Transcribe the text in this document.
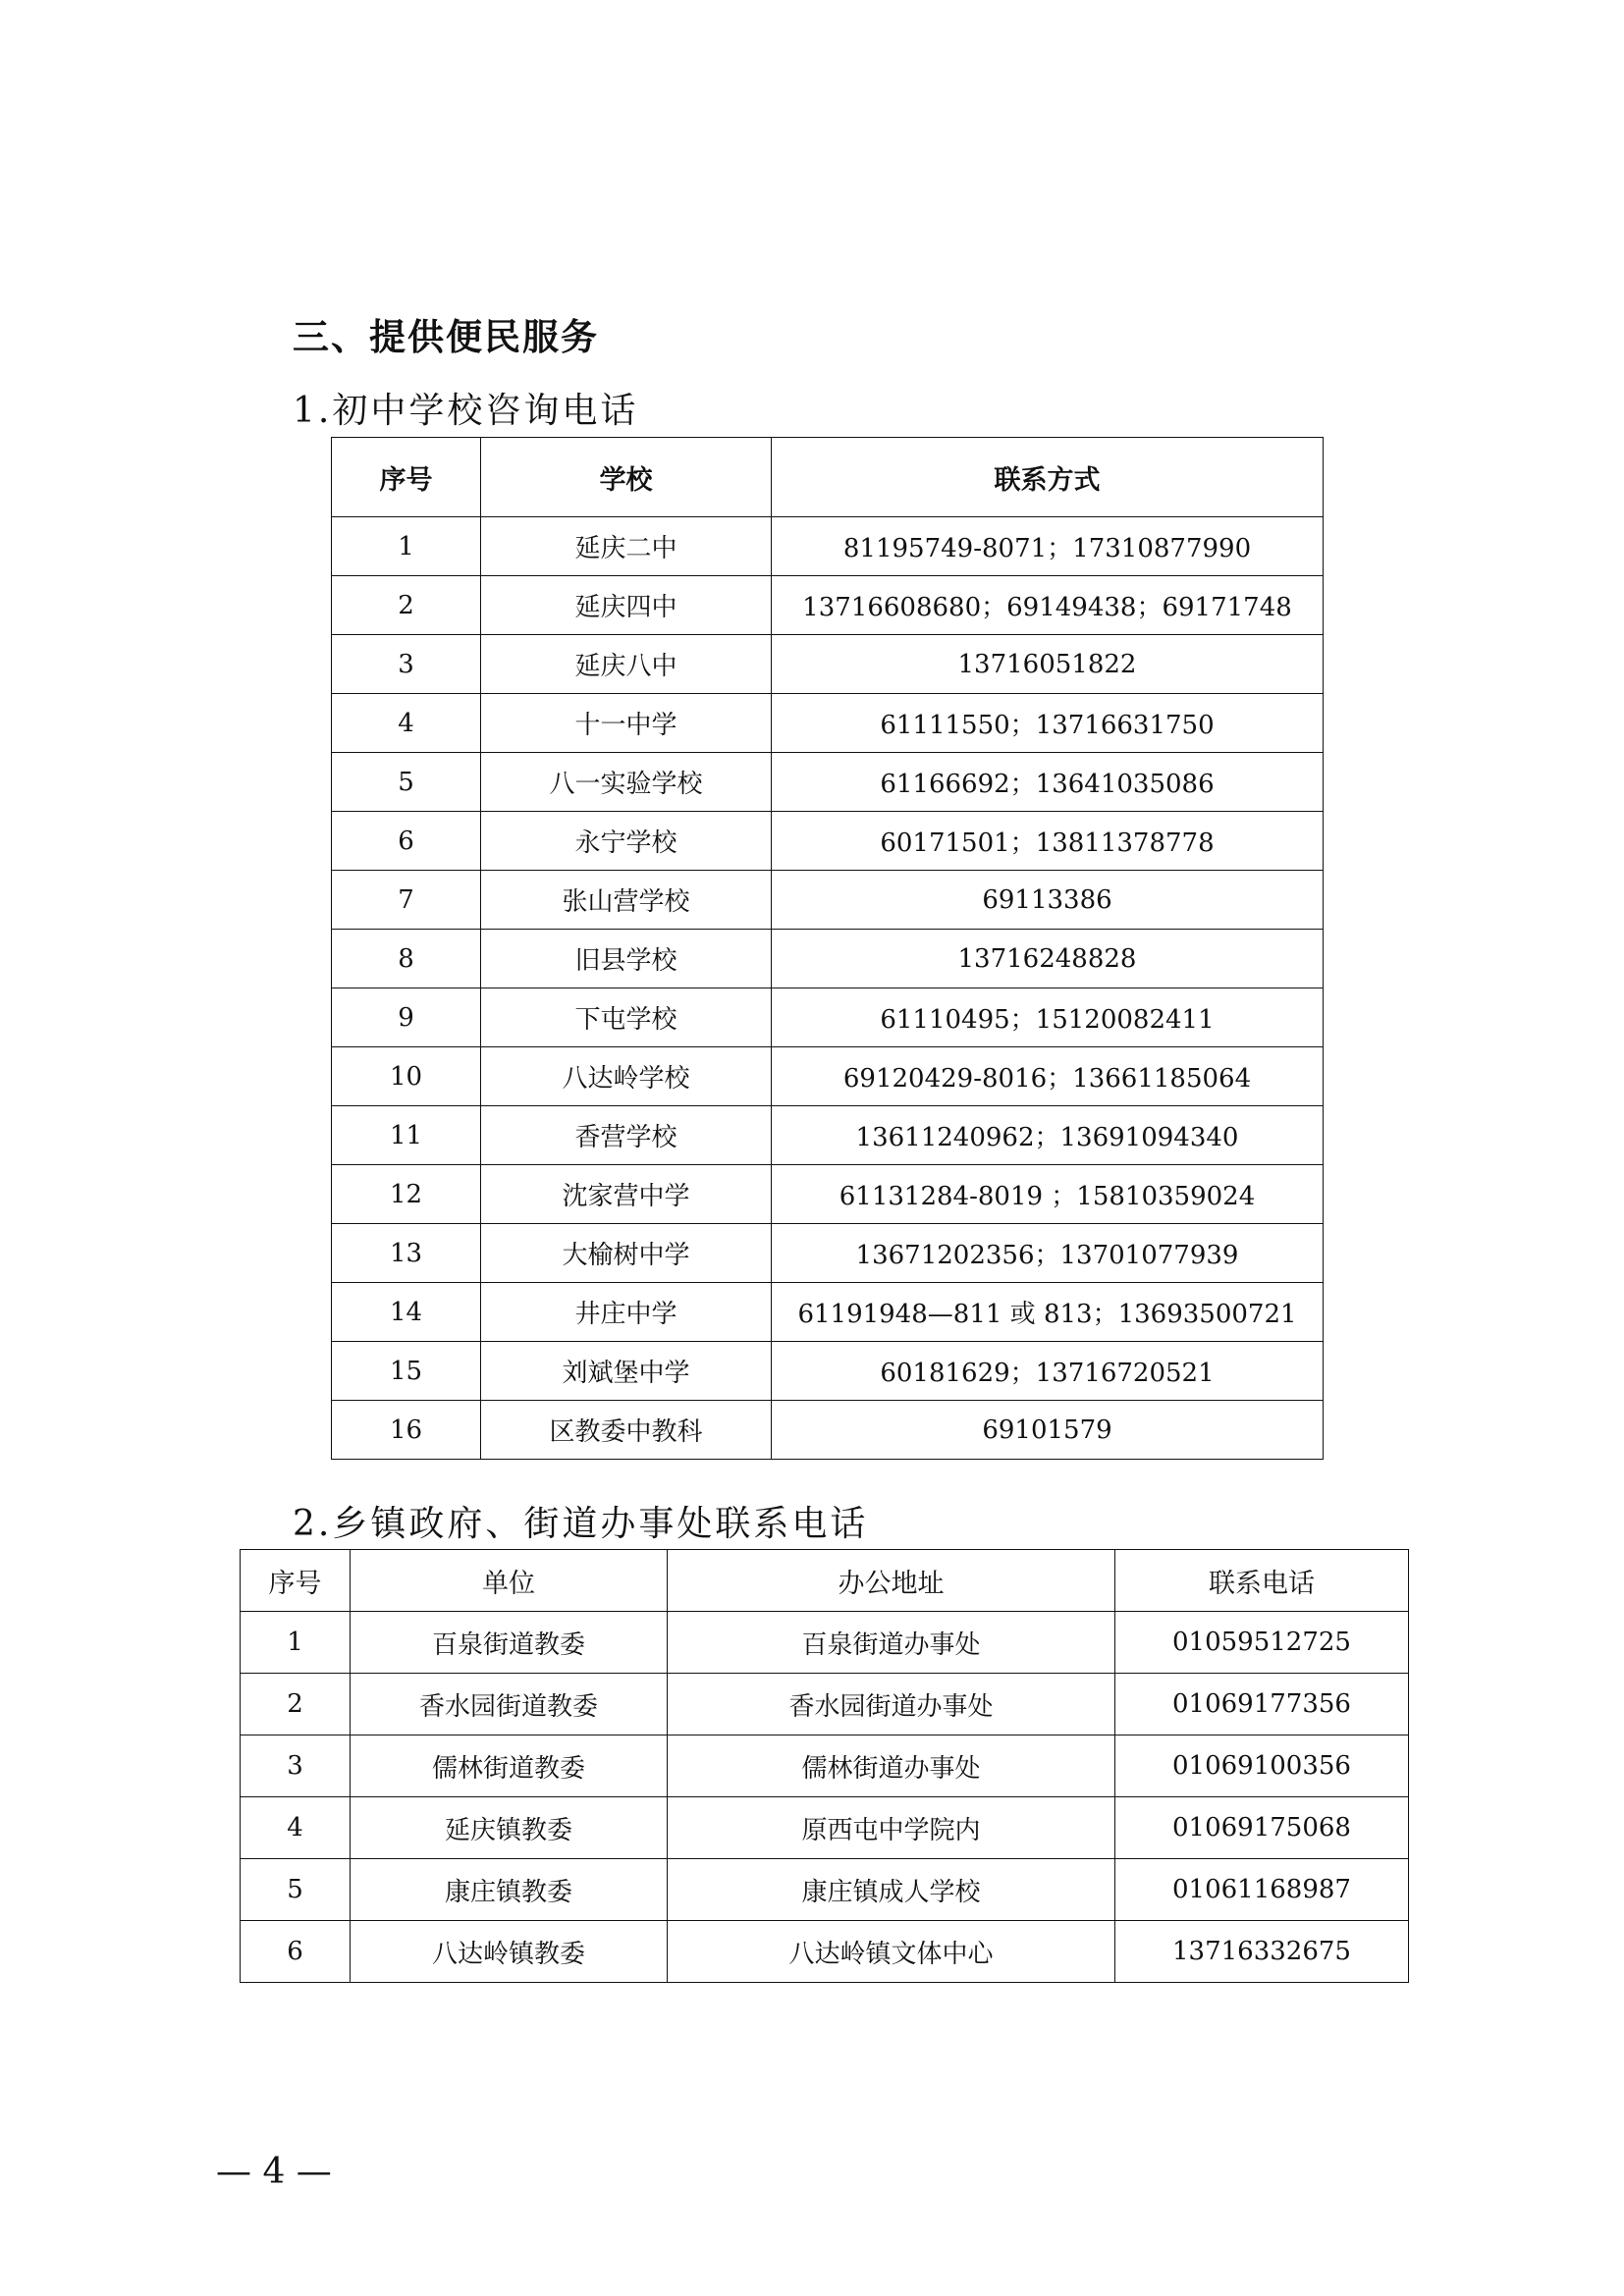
三、提供便民服务
1.初中学校咨询电话
序号	学校	联系方式
1	延庆二中	81195749-8071；17310877990
2	延庆四中	13716608680；69149438；69171748
3	延庆八中	13716051822
4	十一中学	61111550；13716631750
5	八一实验学校	61166692；13641035086
6	永宁学校	60171501；13811378778
7	张山营学校	69113386
8	旧县学校	13716248828
9	下屯学校	61110495；15120082411
10	八达岭学校	69120429-8016；13661185064
11	香营学校	13611240962；13691094340
12	沈家营中学	61131284-8019 ；15810359024
13	大榆树中学	13671202356；13701077939
14	井庄中学	61191948—811 或 813；13693500721
15	刘斌堡中学	60181629；13716720521
16	区教委中教科	69101579
2.乡镇政府、街道办事处联系电话
序号	单位	办公地址	联系电话
1	百泉街道教委	百泉街道办事处	01059512725
2	香水园街道教委	香水园街道办事处	01069177356
3	儒林街道教委	儒林街道办事处	01069100356
4	延庆镇教委	原西屯中学院内	01069175068
5	康庄镇教委	康庄镇成人学校	01061168987
6	八达岭镇教委	八达岭镇文体中心	13716332675
— 4 —
